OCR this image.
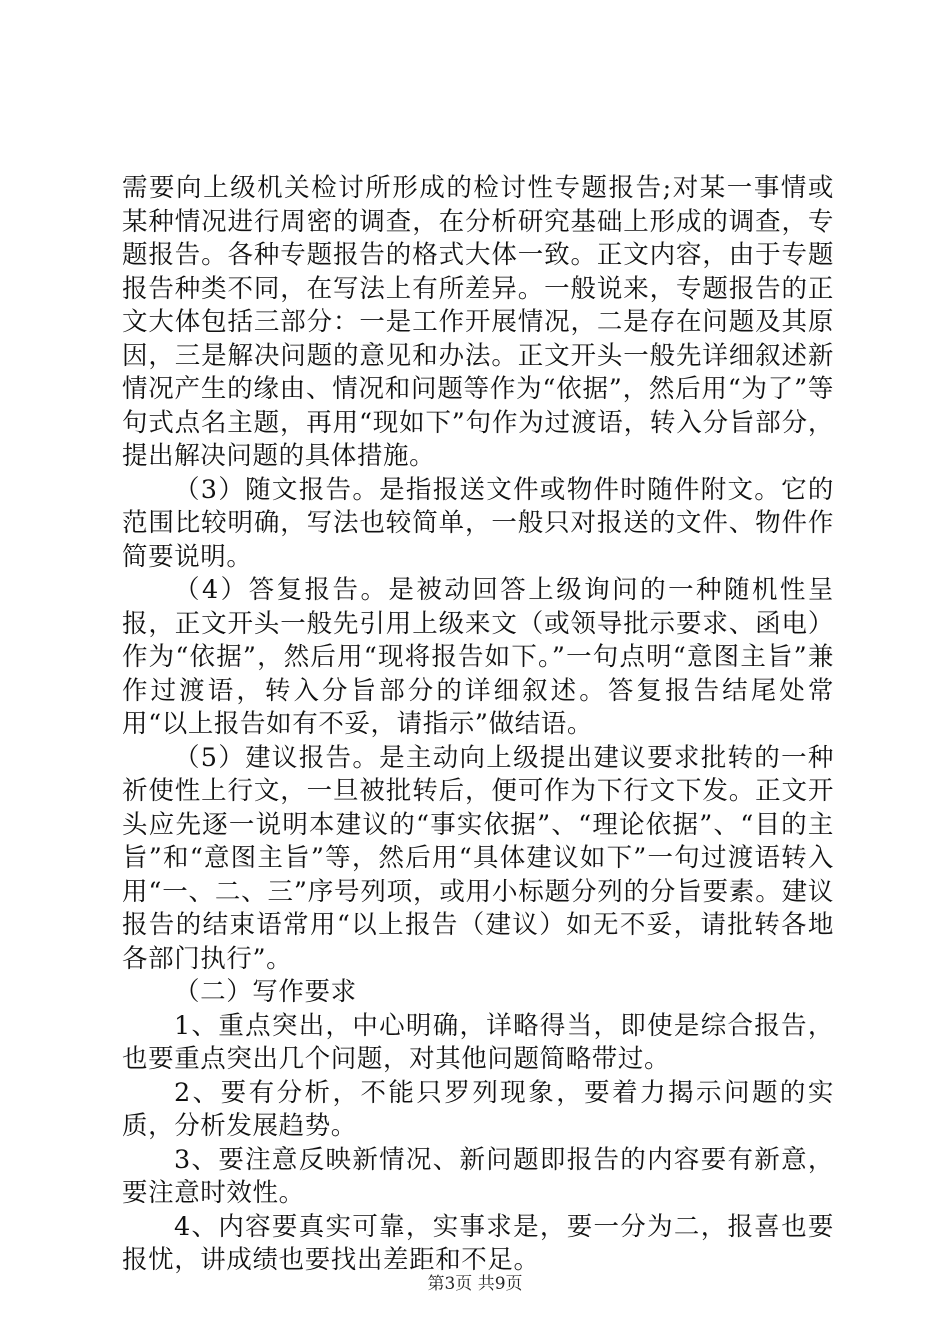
需要向上级机关检讨所形成的检讨性专题报告;对某一事情或某种情况进行周密的调查，在分析研究基础上形成的调查，专题报告。各种专题报告的格式大体一致。正文内容，由于专题报告种类不同，在写法上有所差异。一般说来，专题报告的正文大体包括三部分：一是工作开展情况，二是存在问题及其原因，三是解决问题的意见和办法。正文开头一般先详细叙述新情况产生的缘由、情况和问题等作为“依据”，然后用“为了”等句式点名主题，再用“现如下”句作为过渡语，转入分旨部分，提出解决问题的具体措施。

（3）随文报告。是指报送文件或物件时随件附文。它的范围比较明确，写法也较简单，一般只对报送的文件、物件作简要说明。

（4）答复报告。是被动回答上级询问的一种随机性呈报，正文开头一般先引用上级来文（或领导批示要求、函电）作为“依据”，然后用“现将报告如下。”一句点明“意图主旨”兼作过渡语，转入分旨部分的详细叙述。答复报告结尾处常用“以上报告如有不妥，请指示”做结语。

（5）建议报告。是主动向上级提出建议要求批转的一种祈使性上行文，一旦被批转后，便可作为下行文下发。正文开头应先逐一说明本建议的“事实依据”、“理论依据”、“目的主旨”和“意图主旨”等，然后用“具体建议如下”一句过渡语转入用“一、二、三”序号列项，或用小标题分列的分旨要素。建议报告的结束语常用“以上报告（建议）如无不妥，请批转各地各部门执行”。

（二）写作要求

1、重点突出，中心明确，详略得当，即使是综合报告，也要重点突出几个问题，对其他问题简略带过。

2、要有分析，不能只罗列现象，要着力揭示问题的实质，分析发展趋势。

3、要注意反映新情况、新问题即报告的内容要有新意，要注意时效性。

4、内容要真实可靠，实事求是，要一分为二，报喜也要报忧，讲成绩也要找出差距和不足。

第3页 共9页
